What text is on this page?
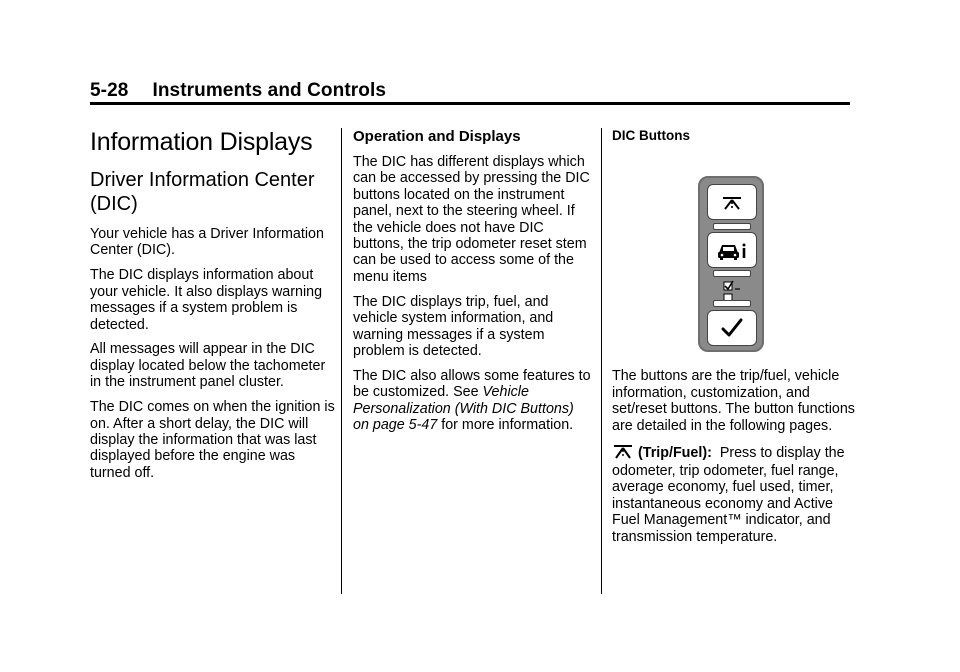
5-28 Instruments and Controls
Information Displays
Driver Information Center (DIC)

Your vehicle has a Driver Information Center (DIC).

The DIC displays information about your vehicle. It also displays warning messages if a system problem is detected.

All messages will appear in the DIC display located below the tachometer in the instrument panel cluster.

The DIC comes on when the ignition is on. After a short delay, the DIC will display the information that was last displayed before the engine was turned off.

Operation and Displays

The DIC has different displays which can be accessed by pressing the DIC buttons located on the instrument panel, next to the steering wheel. If the vehicle does not have DIC buttons, the trip odometer reset stem can be used to access some of the menu items

The DIC displays trip, fuel, and vehicle system information, and warning messages if a system problem is detected.

The DIC also allows some features to be customized. See Vehicle Personalization (With DIC Buttons) on page 5-47 for more information.

DIC Buttons

The buttons are the trip/fuel, vehicle information, customization, and set/reset buttons. The button functions are detailed in the following pages.

(Trip/Fuel): Press to display the odometer, trip odometer, fuel range, average economy, fuel used, timer, instantaneous economy and Active Fuel Management™ indicator, and transmission temperature.
